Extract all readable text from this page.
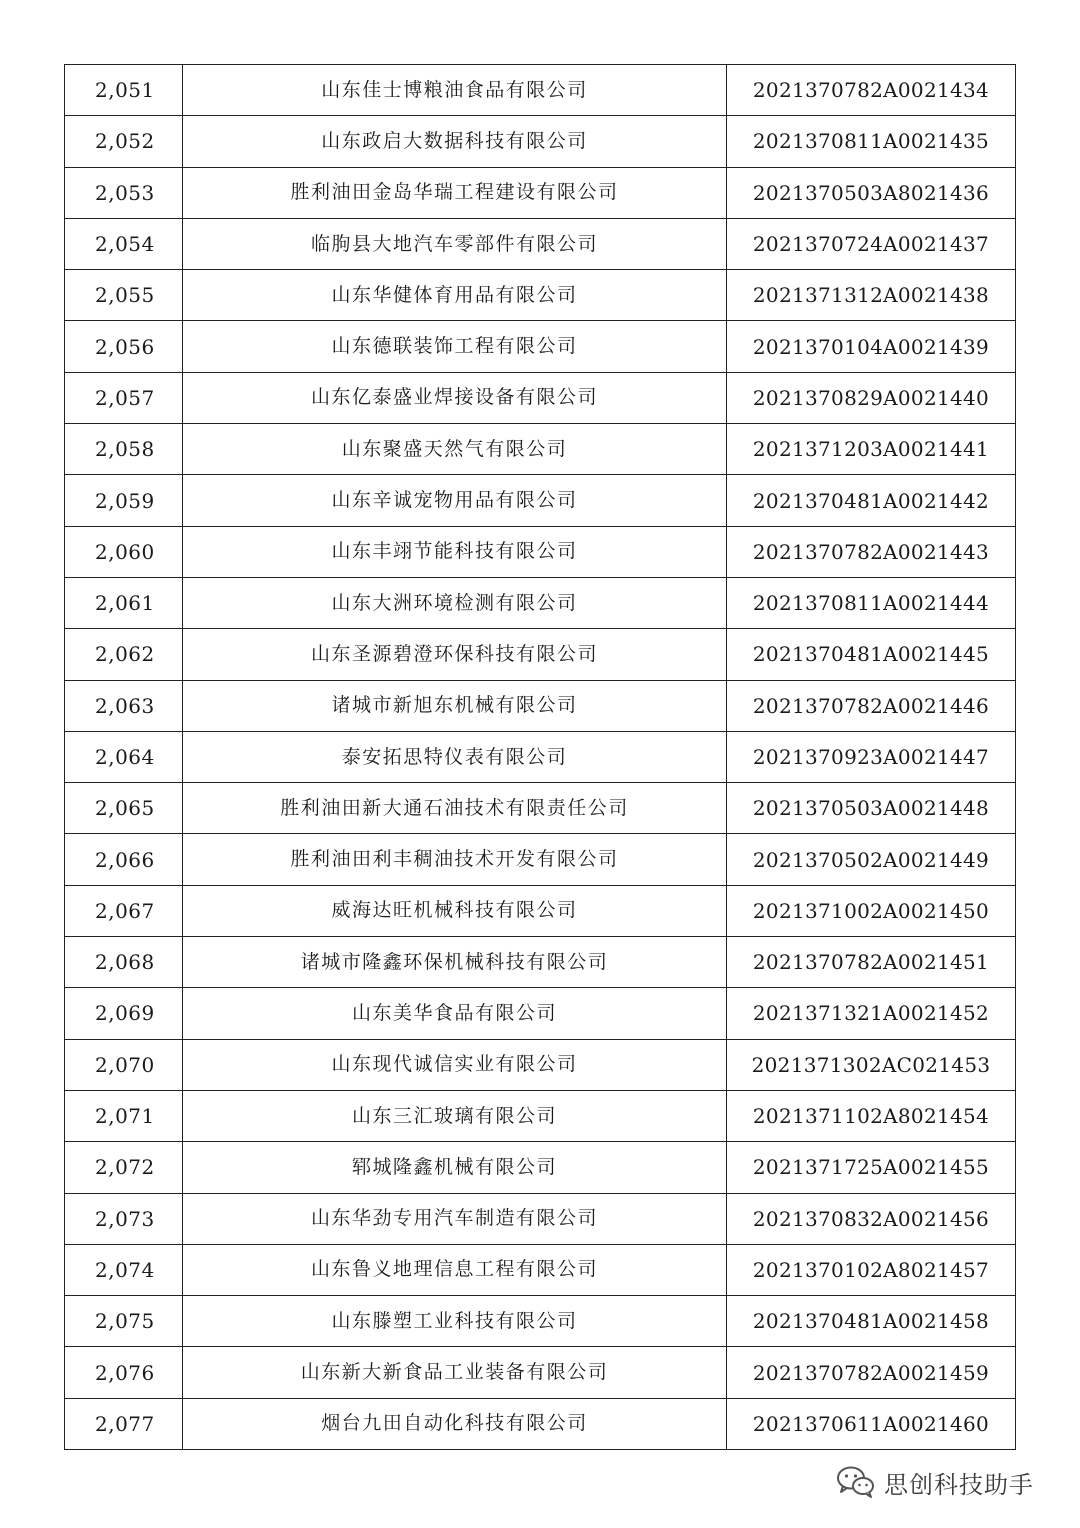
2,051	山东佳士博粮油食品有限公司	2021370782A0021434
2,052	山东政启大数据科技有限公司	2021370811A0021435
2,053	胜利油田金岛华瑞工程建设有限公司	2021370503A8021436
2,054	临朐县大地汽车零部件有限公司	2021370724A0021437
2,055	山东华健体育用品有限公司	2021371312A0021438
2,056	山东德联装饰工程有限公司	2021370104A0021439
2,057	山东亿泰盛业焊接设备有限公司	2021370829A0021440
2,058	山东聚盛天然气有限公司	2021371203A0021441
2,059	山东辛诚宠物用品有限公司	2021370481A0021442
2,060	山东丰翊节能科技有限公司	2021370782A0021443
2,061	山东大洲环境检测有限公司	2021370811A0021444
2,062	山东圣源碧澄环保科技有限公司	2021370481A0021445
2,063	诸城市新旭东机械有限公司	2021370782A0021446
2,064	泰安拓思特仪表有限公司	2021370923A0021447
2,065	胜利油田新大通石油技术有限责任公司	2021370503A0021448
2,066	胜利油田利丰稠油技术开发有限公司	2021370502A0021449
2,067	威海达旺机械科技有限公司	2021371002A0021450
2,068	诸城市隆鑫环保机械科技有限公司	2021370782A0021451
2,069	山东美华食品有限公司	2021371321A0021452
2,070	山东现代诚信实业有限公司	2021371302AC021453
2,071	山东三汇玻璃有限公司	2021371102A8021454
2,072	郓城隆鑫机械有限公司	2021371725A0021455
2,073	山东华劲专用汽车制造有限公司	2021370832A0021456
2,074	山东鲁义地理信息工程有限公司	2021370102A8021457
2,075	山东滕塑工业科技有限公司	2021370481A0021458
2,076	山东新大新食品工业装备有限公司	2021370782A0021459
2,077	烟台九田自动化科技有限公司	2021370611A0021460
思创科技助手
